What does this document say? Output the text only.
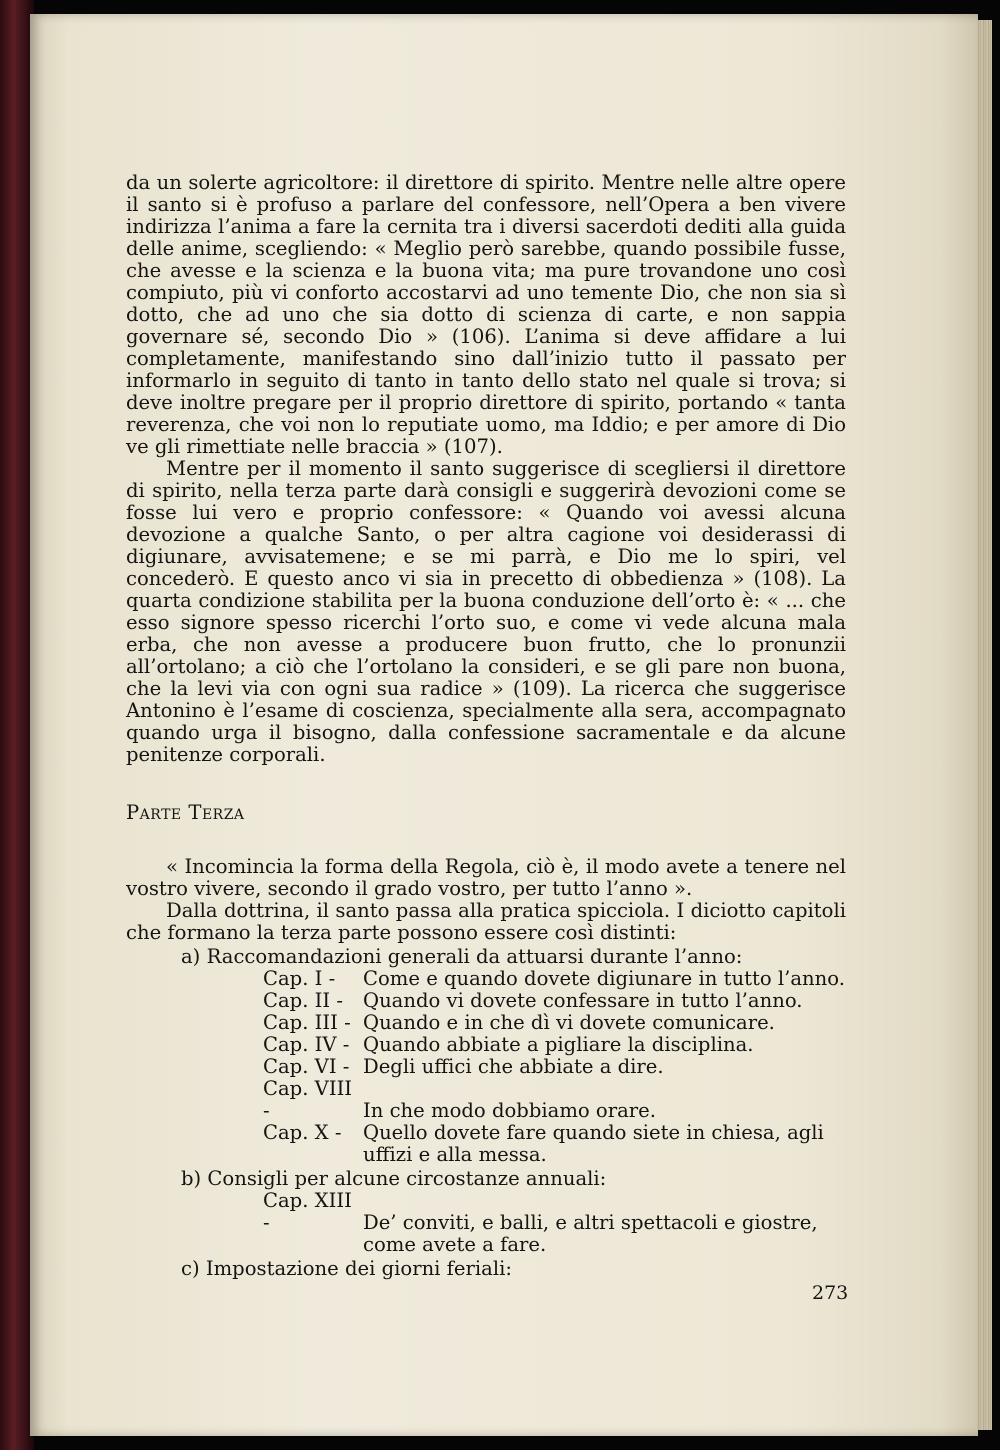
da un solerte agricoltore: il direttore di spirito. Mentre nelle altre opere il santo si è profuso a parlare del confessore, nell’Opera a ben vivere indirizza l’anima a fare la cernita tra i diversi sacerdoti dediti alla guida delle anime, scegliendo: « Meglio però sarebbe, quando possibile fusse, che avesse e la scienza e la buona vita; ma pure trovandone uno così compiuto, più vi conforto accostarvi ad uno temente Dio, che non sia sì dotto, che ad uno che sia dotto di scienza di carte, e non sappia governare sé, secondo Dio » (106). L’anima si deve affidare a lui completamente, manifestando sino dall’inizio tutto il passato per informarlo in seguito di tanto in tanto dello stato nel quale si trova; si deve inoltre pregare per il proprio direttore di spirito, portando « tanta reverenza, che voi non lo reputiate uomo, ma Iddio; e per amore di Dio ve gli rimettiate nelle braccia » (107).

Mentre per il momento il santo suggerisce di scegliersi il direttore di spirito, nella terza parte darà consigli e suggerirà devozioni come se fosse lui vero e proprio confessore: « Quando voi avessi alcuna devozione a qualche Santo, o per altra cagione voi desiderassi di digiunare, avvisatemene; e se mi parrà, e Dio me lo spiri, vel concederò. E questo anco vi sia in precetto di obbedienza » (108). La quarta condizione stabilita per la buona conduzione dell’orto è: « ... che esso signore spesso ricerchi l’orto suo, e come vi vede alcuna mala erba, che non avesse a producere buon frutto, che lo pronunzii all’ortolano; a ciò che l’ortolano la consideri, e se gli pare non buona, che la levi via con ogni sua radice » (109). La ricerca che suggerisce Antonino è l’esame di coscienza, specialmente alla sera, accompagnato quando urga il bisogno, dalla confessione sacramentale e da alcune penitenze corporali.

Parte Terza

« Incomincia la forma della Regola, ciò è, il modo avete a tenere nel vostro vivere, secondo il grado vostro, per tutto l’anno ».

Dalla dottrina, il santo passa alla pratica spicciola. I diciotto capitoli che formano la terza parte possono essere così distinti:

a) Raccomandazioni generali da attuarsi durante l’anno:
Cap. I - Come e quando dovete digiunare in tutto l’anno.
Cap. II - Quando vi dovete confessare in tutto l’anno.
Cap. III - Quando e in che dì vi dovete comunicare.
Cap. IV - Quando abbiate a pigliare la disciplina.
Cap. VI - Degli uffici che abbiate a dire.
Cap. VIII -	In che modo dobbiamo orare.
Cap. X - Quello dovete fare quando siete in chiesa, agli uffizi e alla messa.
b) Consigli per alcune circostanze annuali:
Cap. XIII -	De’ conviti, e balli, e altri spettacoli e giostre, come avete a fare.
c) Impostazione dei giorni feriali:
273
